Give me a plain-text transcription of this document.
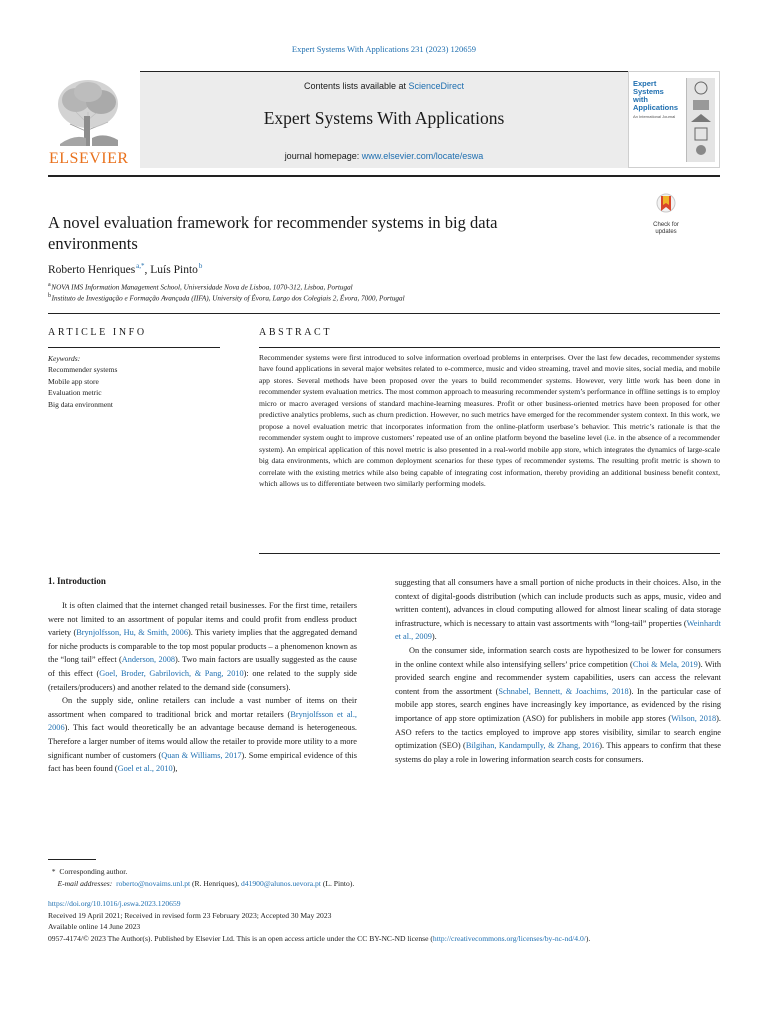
Expert Systems With Applications 231 (2023) 120659
ELSEVIER
Contents lists available at ScienceDirect
Expert Systems With Applications
journal homepage: www.elsevier.com/locate/eswa
Expert
Systems
with
Applications
An International Journal
Check for
updates
A novel evaluation framework for recommender systems in big data
environments
Roberto Henriques $^{a,*}$, Luís Pinto $^b$
$^a$ NOVA IMS Information Management School, Universidade Nova de Lisboa, 1070-312, Lisboa, Portugal
$^b$ Instituto de Investigação e Formação Avançada (IIFA), University of Évora, Largo dos Colegiais 2, Évora, 7000, Portugal
ARTICLE INFO	ABSTRACT
Keywords:
Recommender systems
Mobile app store
Evaluation metric
Big data environment
Recommender systems were first introduced to solve information overload problems in enterprises. Over the last few decades, recommender systems have found applications in several major websites related to e-commerce, music and video streaming, travel and movie sites, social media, and mobile app stores. Several methods have been proposed over the years to build recommender systems. However, very little work has been done in recommender system evaluation metrics. The most common approach to measuring recommender system’s performance in offline settings is to employ micro or macro averaged versions of standard machine-learning measures. Profit or other business-oriented metrics have been proposed for other predictive analytics problems, such as churn prediction. However, no such metrics have emerged for the recommender system context. In this work, we propose a novel evaluation metric that incorporates information from the online-platform userbase’s behavior. This metric’s rationale is that the recommender system ought to improve customers’ repeated use of an online platform beyond the baseline level (i.e. in the absence of a recommender system). An empirical application of this novel metric is also presented in a real-world mobile app store, which integrates the dynamics of large-scale big data environments, which are common deployment scenarios for these types of recommender systems. The resulting profit metric is shown to correlate with the existing metrics while also being capable of integrating cost information, thereby providing an additional business benefit context, which allows us to differentiate between two similarly performing models.
1. Introduction

It is often claimed that the internet changed retail businesses. For the first time, retailers were not limited to an assortment of popular items and could profit from endless product variety (Brynjolfsson, Hu, & Smith, 2006). This variety implies that the aggregated demand for niche products is comparable to the top most popular products – a phenomenon known as the “long tail” effect (Anderson, 2008). Two main factors are usually suggested as the cause of this effect (Goel, Broder, Gabrilovich, & Pang, 2010): one related to the supply side (retailers/producers) and another related to the demand side (consumers).

On the supply side, online retailers can include a vast number of items on their assortment when compared to traditional brick and mortar retailers (Brynjolfsson et al., 2006). This fact would theoretically be an advantage because demand is heterogeneous. Therefore a larger number of items would allow the retailer to provide more utility to a more significant number of customers (Quan & Williams, 2017). Some empirical evidence of this fact has been found (Goel et al., 2010),

suggesting that all consumers have a small portion of niche products in their choices. Also, in the context of digital-goods distribution (which can include products such as apps, music, video and written content), advances in cloud computing allowed for almost linear scaling of data storage infrastructure, which is necessary to attain vast assortments with “long-tail” properties (Weinhardt et al., 2009).

On the consumer side, information search costs are hypothesized to be lower for consumers in the online context while also intensifying sellers’ price competition (Choi & Mela, 2019). With provided search engine and recommender system capabilities, users can access the relevant content from the assortment (Schnabel, Bennett, & Joachims, 2018). In the particular case of mobile app stores, search engines have increasingly key importance, as evidenced by the rising importance of app store optimization (ASO) for publishers in mobile app stores (Wilson, 2018). ASO refers to the tactics employed to improve app stores visibility, similar to search engine optimization (SEO) (Bilgihan, Kandampully, & Zhang, 2016). This appears to confirm that these systems do play a role in lowering information search costs for consumers.

* Corresponding author.
E-mail addresses: roberto@novaims.unl.pt (R. Henriques), d41900@alunos.uevora.pt (L. Pinto).
https://doi.org/10.1016/j.eswa.2023.120659
Received 19 April 2021; Received in revised form 23 February 2023; Accepted 30 May 2023
Available online 14 June 2023
0957-4174/© 2023 The Author(s). Published by Elsevier Ltd. This is an open access article under the CC BY-NC-ND license (http://creativecommons.org/licenses/by-nc-nd/4.0/).
